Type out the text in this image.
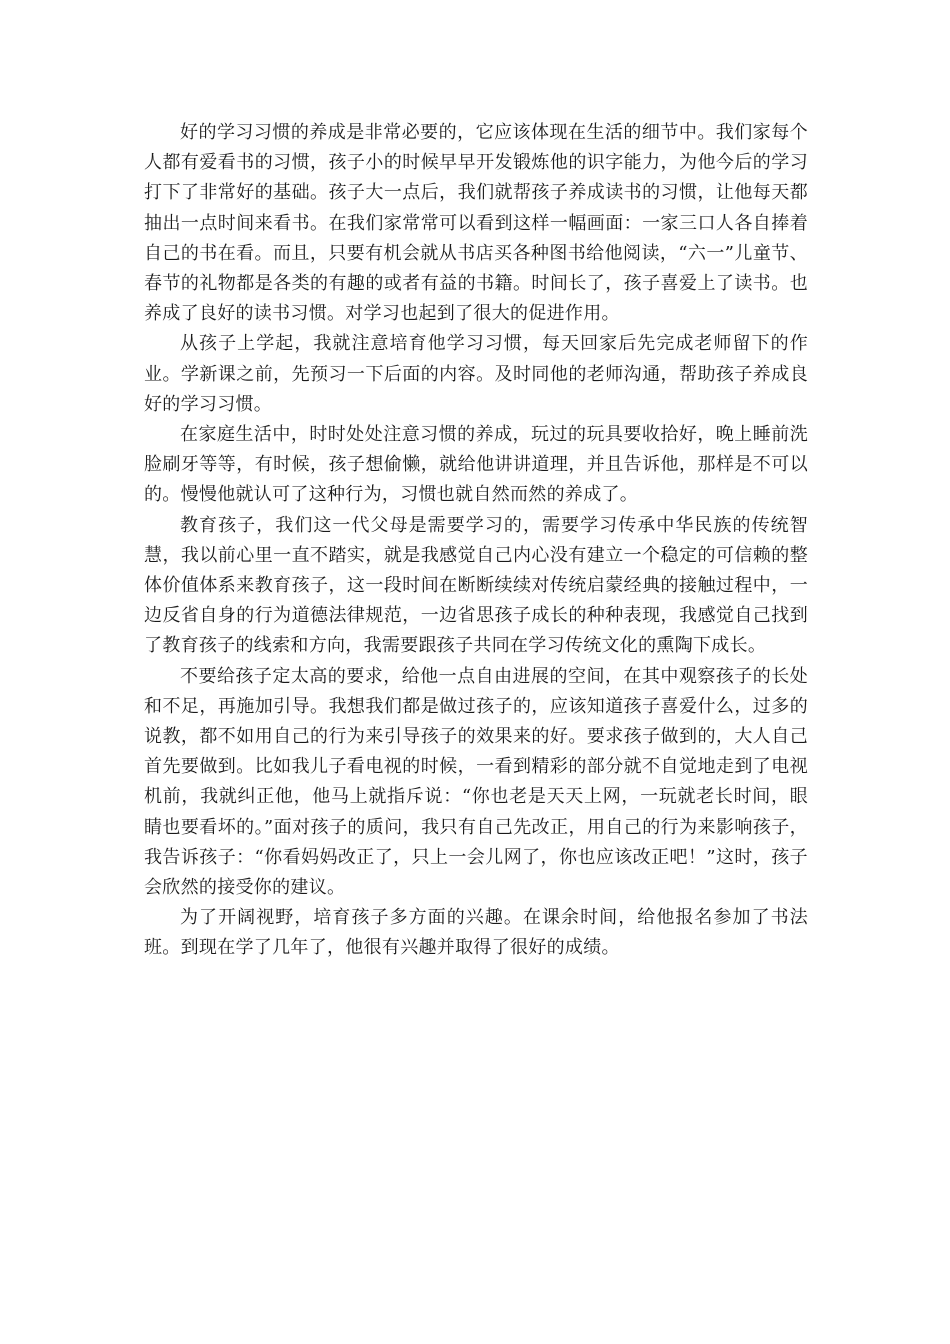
好的学习习惯的养成是非常必要的，它应该体现在生活的细节中。我们家每个人都有爱看书的习惯，孩子小的时候早早开发锻炼他的识字能力，为他今后的学习打下了非常好的基础。孩子大一点后，我们就帮孩子养成读书的习惯，让他每天都抽出一点时间来看书。在我们家常常可以看到这样一幅画面：一家三口人各自捧着自己的书在看。而且，只要有机会就从书店买各种图书给他阅读，“六一”儿童节、春节的礼物都是各类的有趣的或者有益的书籍。时间长了，孩子喜爱上了读书。也养成了良好的读书习惯。对学习也起到了很大的促进作用。

从孩子上学起，我就注意培育他学习习惯，每天回家后先完成老师留下的作业。学新课之前，先预习一下后面的内容。及时同他的老师沟通，帮助孩子养成良好的学习习惯。

在家庭生活中，时时处处注意习惯的养成，玩过的玩具要收拾好，晚上睡前洗脸刷牙等等，有时候，孩子想偷懒，就给他讲讲道理，并且告诉他，那样是不可以的。慢慢他就认可了这种行为，习惯也就自然而然的养成了。

教育孩子，我们这一代父母是需要学习的，需要学习传承中华民族的传统智慧，我以前心里一直不踏实，就是我感觉自己内心没有建立一个稳定的可信赖的整体价值体系来教育孩子，这一段时间在断断续续对传统启蒙经典的接触过程中，一边反省自身的行为道德法律规范，一边省思孩子成长的种种表现，我感觉自己找到了教育孩子的线索和方向，我需要跟孩子共同在学习传统文化的熏陶下成长。

不要给孩子定太高的要求，给他一点自由进展的空间，在其中观察孩子的长处和不足，再施加引导。我想我们都是做过孩子的，应该知道孩子喜爱什么，过多的说教，都不如用自己的行为来引导孩子的效果来的好。要求孩子做到的，大人自己首先要做到。比如我儿子看电视的时候，一看到精彩的部分就不自觉地走到了电视机前，我就纠正他，他马上就指斥说：“你也老是天天上网，一玩就老长时间，眼睛也要看坏的。”面对孩子的质问，我只有自己先改正，用自己的行为来影响孩子，我告诉孩子：“你看妈妈改正了，只上一会儿网了，你也应该改正吧！”这时，孩子会欣然的接受你的建议。

为了开阔视野，培育孩子多方面的兴趣。在课余时间，给他报名参加了书法班。到现在学了几年了，他很有兴趣并取得了很好的成绩。
